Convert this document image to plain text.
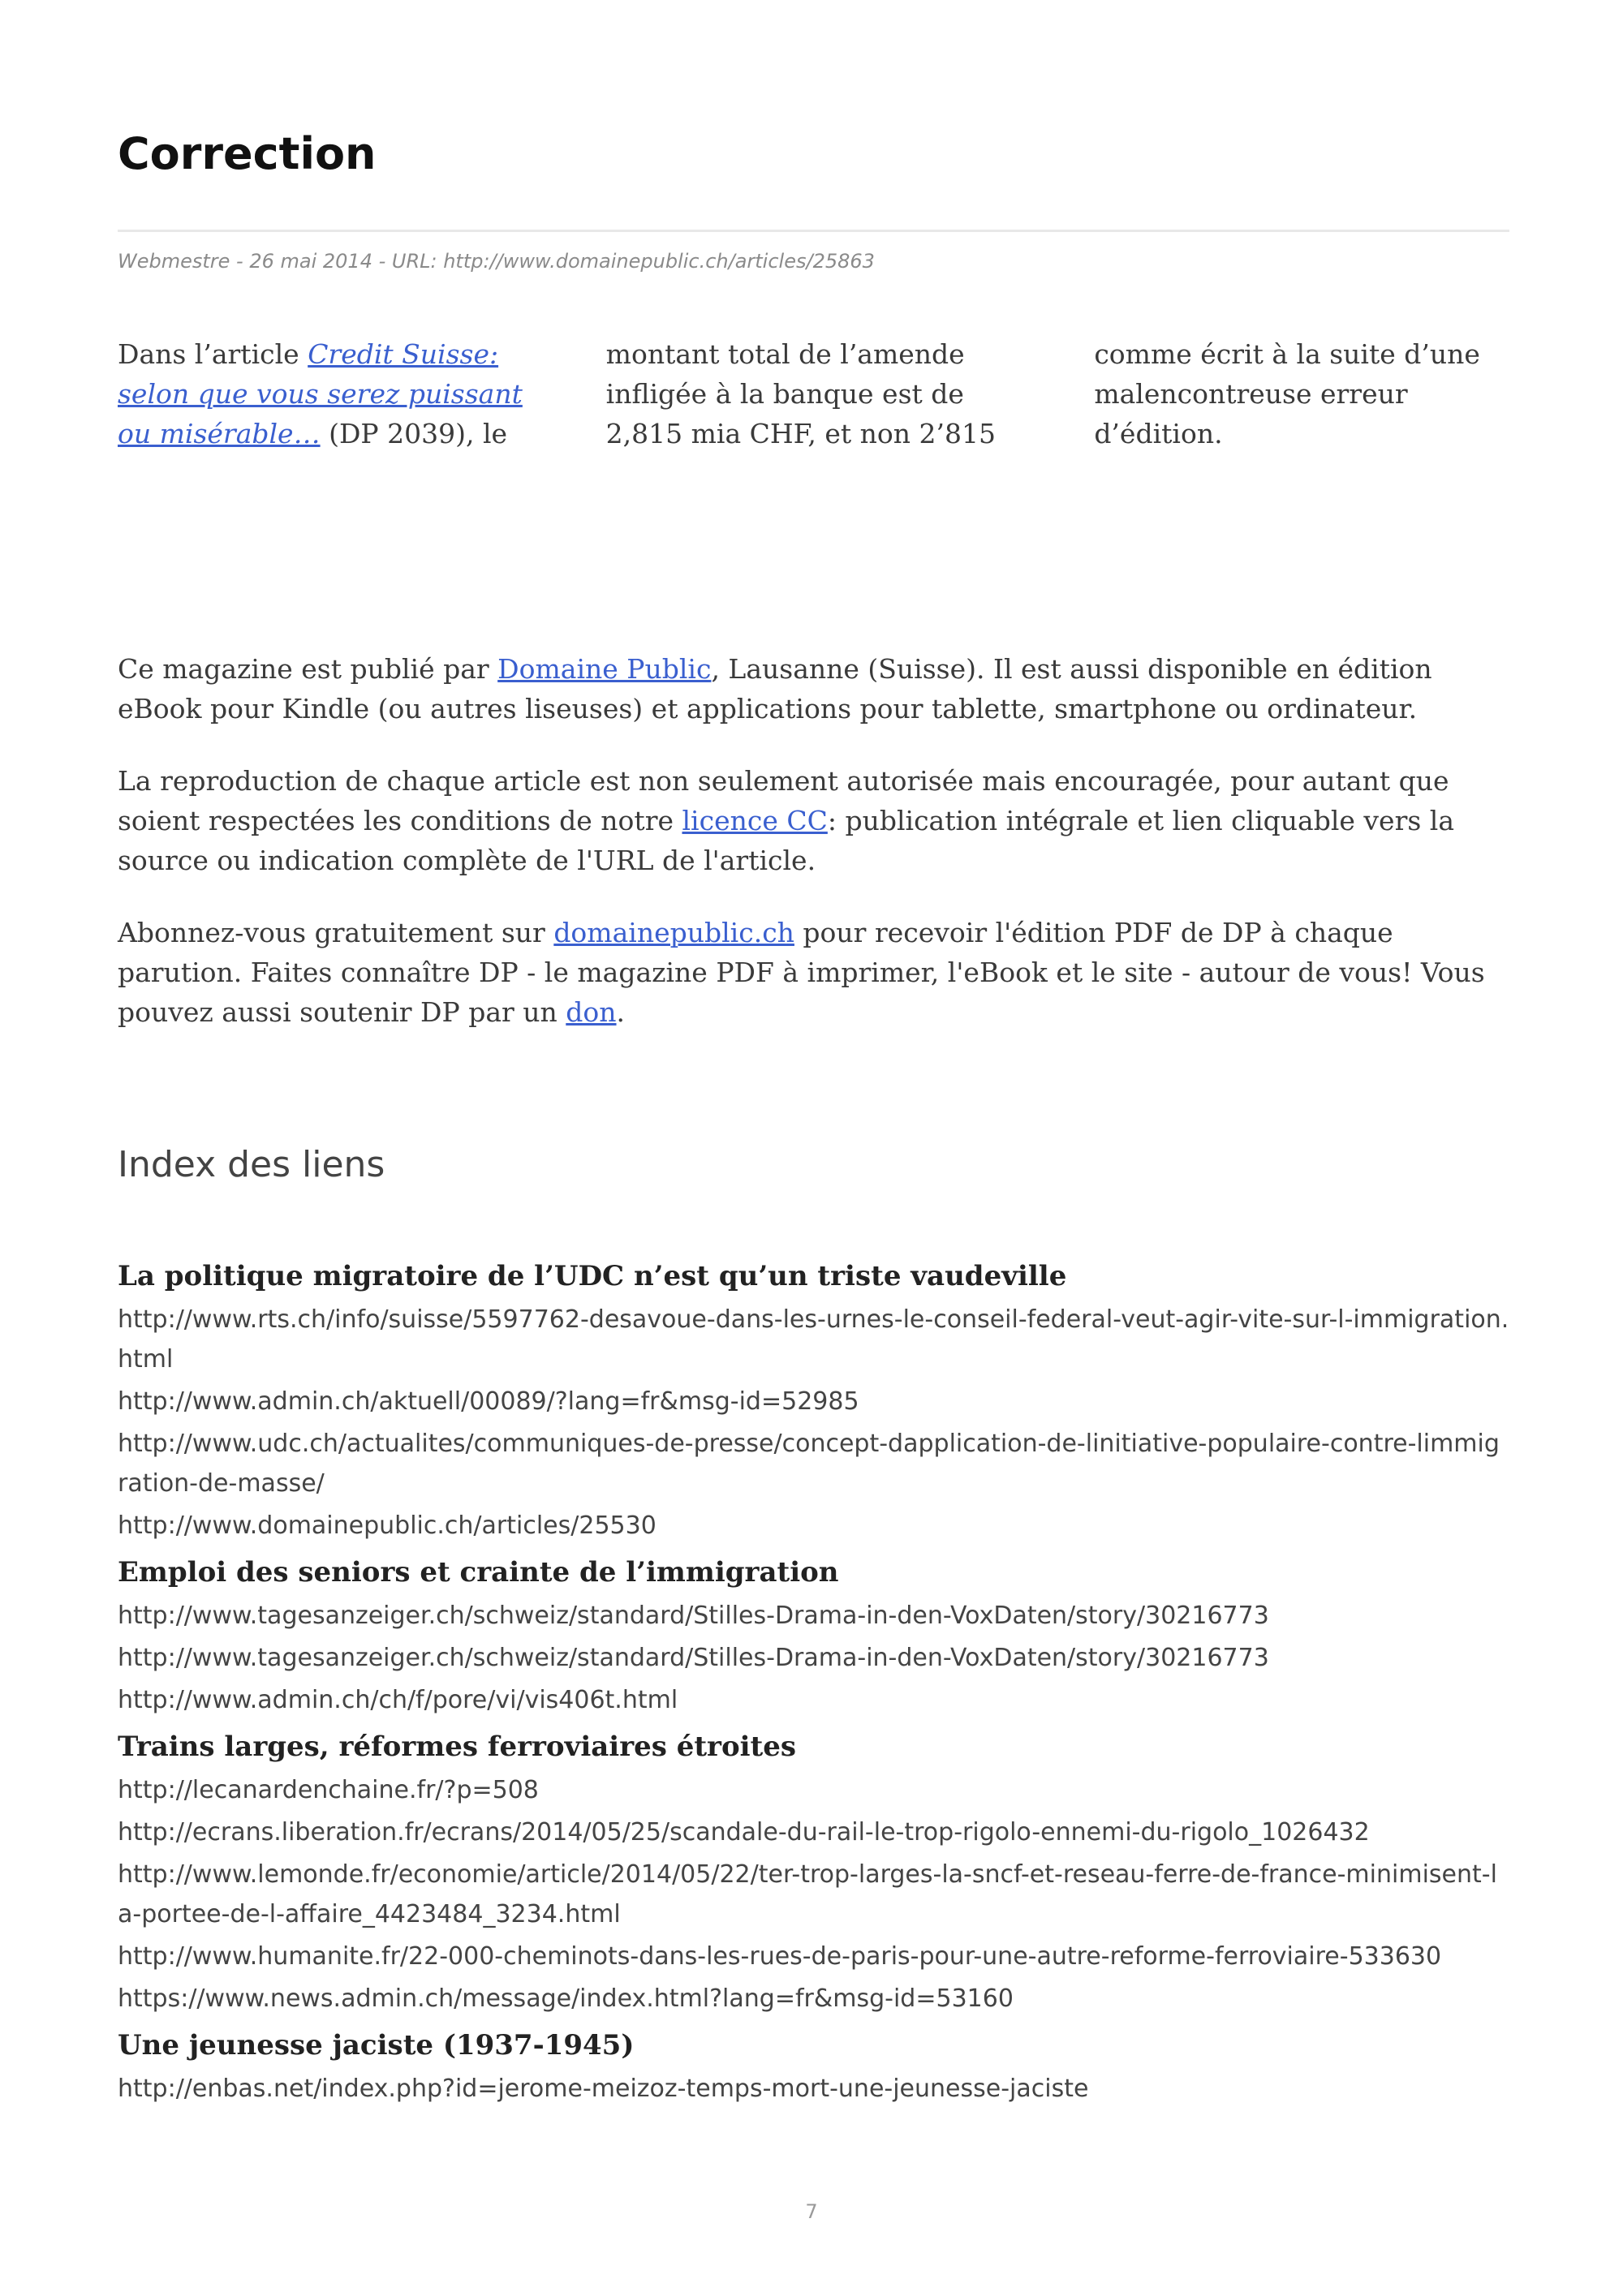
Correction
Webmestre - 26 mai 2014 - URL: http://www.domainepublic.ch/articles/25863

Dans l’article Credit Suisse: selon que vous serez puissant ou misérable… (DP 2039), le montant total de l’amende infligée à la banque est de 2,815 mia CHF, et non 2’815 comme écrit à la suite d’une malencontreuse erreur d’édition.

Ce magazine est publié par Domaine Public, Lausanne (Suisse). Il est aussi disponible en édition eBook pour Kindle (ou autres liseuses) et applications pour tablette, smartphone ou ordinateur.

La reproduction de chaque article est non seulement autorisée mais encouragée, pour autant que soient respectées les conditions de notre licence CC: publication intégrale et lien cliquable vers la source ou indication complète de l'URL de l'article.

Abonnez-vous gratuitement sur domainepublic.ch pour recevoir l'édition PDF de DP à chaque parution. Faites connaître DP - le magazine PDF à imprimer, l'eBook et le site - autour de vous! Vous pouvez aussi soutenir DP par un don.

Index des liens
La politique migratoire de l’UDC n’est qu’un triste vaudeville
http://www.rts.ch/info/suisse/5597762-desavoue-dans-les-urnes-le-conseil-federal-veut-agir-vite-sur-l-immigration.html
http://www.admin.ch/aktuell/00089/?lang=fr&msg-id=52985
http://www.udc.ch/actualites/communiques-de-presse/concept-dapplication-de-linitiative-populaire-contre-limmigration-de-masse/
http://www.domainepublic.ch/articles/25530
Emploi des seniors et crainte de l’immigration
http://www.tagesanzeiger.ch/schweiz/standard/Stilles-Drama-in-den-VoxDaten/story/30216773
http://www.tagesanzeiger.ch/schweiz/standard/Stilles-Drama-in-den-VoxDaten/story/30216773
http://www.admin.ch/ch/f/pore/vi/vis406t.html
Trains larges, réformes ferroviaires étroites
http://lecanardenchaine.fr/?p=508
http://ecrans.liberation.fr/ecrans/2014/05/25/scandale-du-rail-le-trop-rigolo-ennemi-du-rigolo_1026432
http://www.lemonde.fr/economie/article/2014/05/22/ter-trop-larges-la-sncf-et-reseau-ferre-de-france-minimisent-la-portee-de-l-affaire_4423484_3234.html
http://www.humanite.fr/22-000-cheminots-dans-les-rues-de-paris-pour-une-autre-reforme-ferroviaire-533630
https://www.news.admin.ch/message/index.html?lang=fr&msg-id=53160
Une jeunesse jaciste (1937-1945)
http://enbas.net/index.php?id=jerome-meizoz-temps-mort-une-jeunesse-jaciste
7
